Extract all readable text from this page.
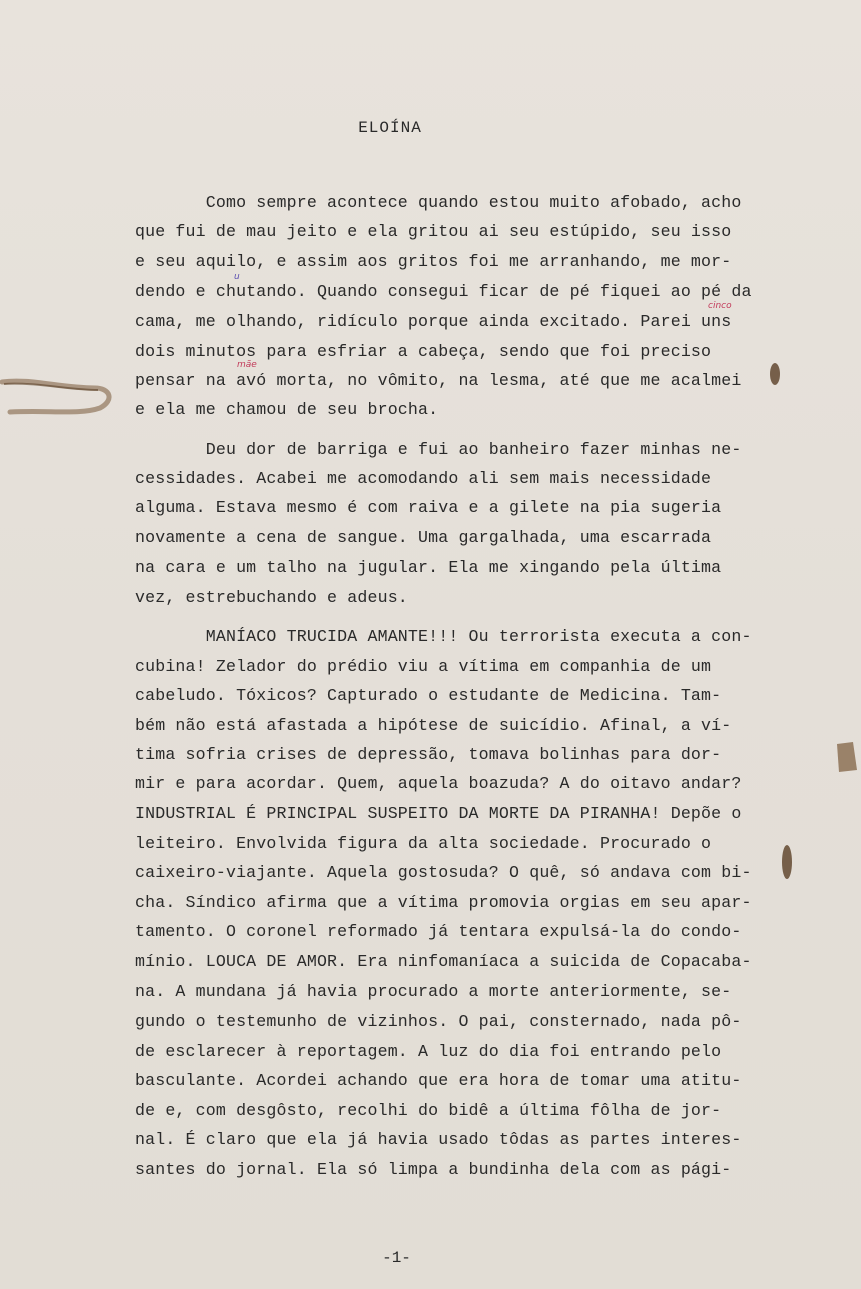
ELOÍNA
Como sempre acontece quando estou muito afobado, acho
que fui de mau jeito e ela gritou ai seu estúpido, seu isso
e seu aquilo, e assim aos gritos foi me arranhando, me mor-
dendo e chutando. Quando consegui ficar de pé fiquei ao pé da
cama, me olhando, ridículo porque ainda excitado. Parei uns
dois minutos para esfriar a cabeça, sendo que foi preciso
pensar na avó morta, no vômito, na lesma, até que me acalmei
e ela me chamou de seu brocha.
Deu dor de barriga e fui ao banheiro fazer minhas ne-
cessidades. Acabei me acomodando ali sem mais necessidade
alguma. Estava mesmo é com raiva e a gilete na pia sugeria
novamente a cena de sangue. Uma gargalhada, uma escarrada
na cara e um talho na jugular. Ela me xingando pela última
vez, estrebuchando e adeus.
MANÍACO TRUCIDA AMANTE!!! Ou terrorista executa a con-
cubina! Zelador do prédio viu a vítima em companhia de um
cabeludo. Tóxicos? Capturado o estudante de Medicina. Tam-
bém não está afastada a hipótese de suicídio. Afinal, a ví-
tima sofria crises de depressão, tomava bolinhas para dor-
mir e para acordar. Quem, aquela boazuda? A do oitavo andar?
INDUSTRIAL É PRINCIPAL SUSPEITO DA MORTE DA PIRANHA! Depõe o
leiteiro. Envolvida figura da alta sociedade. Procurado o
caixeiro-viajante. Aquela gostosuda? O quê, só andava com bi-
cha. Síndico afirma que a vítima promovia orgias em seu apar-
tamento. O coronel reformado já tentara expulsá-la do condo-
mínio. LOUCA DE AMOR. Era ninfomaníaca a suicida de Copacaba-
na. A mundana já havia procurado a morte anteriormente, se-
gundo o testemunho de vizinhos. O pai, consternado, nada pô-
de esclarecer à reportagem. A luz do dia foi entrando pelo
basculante. Acordei achando que era hora de tomar uma atitu-
de e, com desgôsto, recolhi do bidê a última fôlha de jor-
nal. É claro que ela já havia usado tôdas as partes interes-
santes do jornal. Ela só limpa a bundinha dela com as pági-
cinco
mãe
u
-1-
